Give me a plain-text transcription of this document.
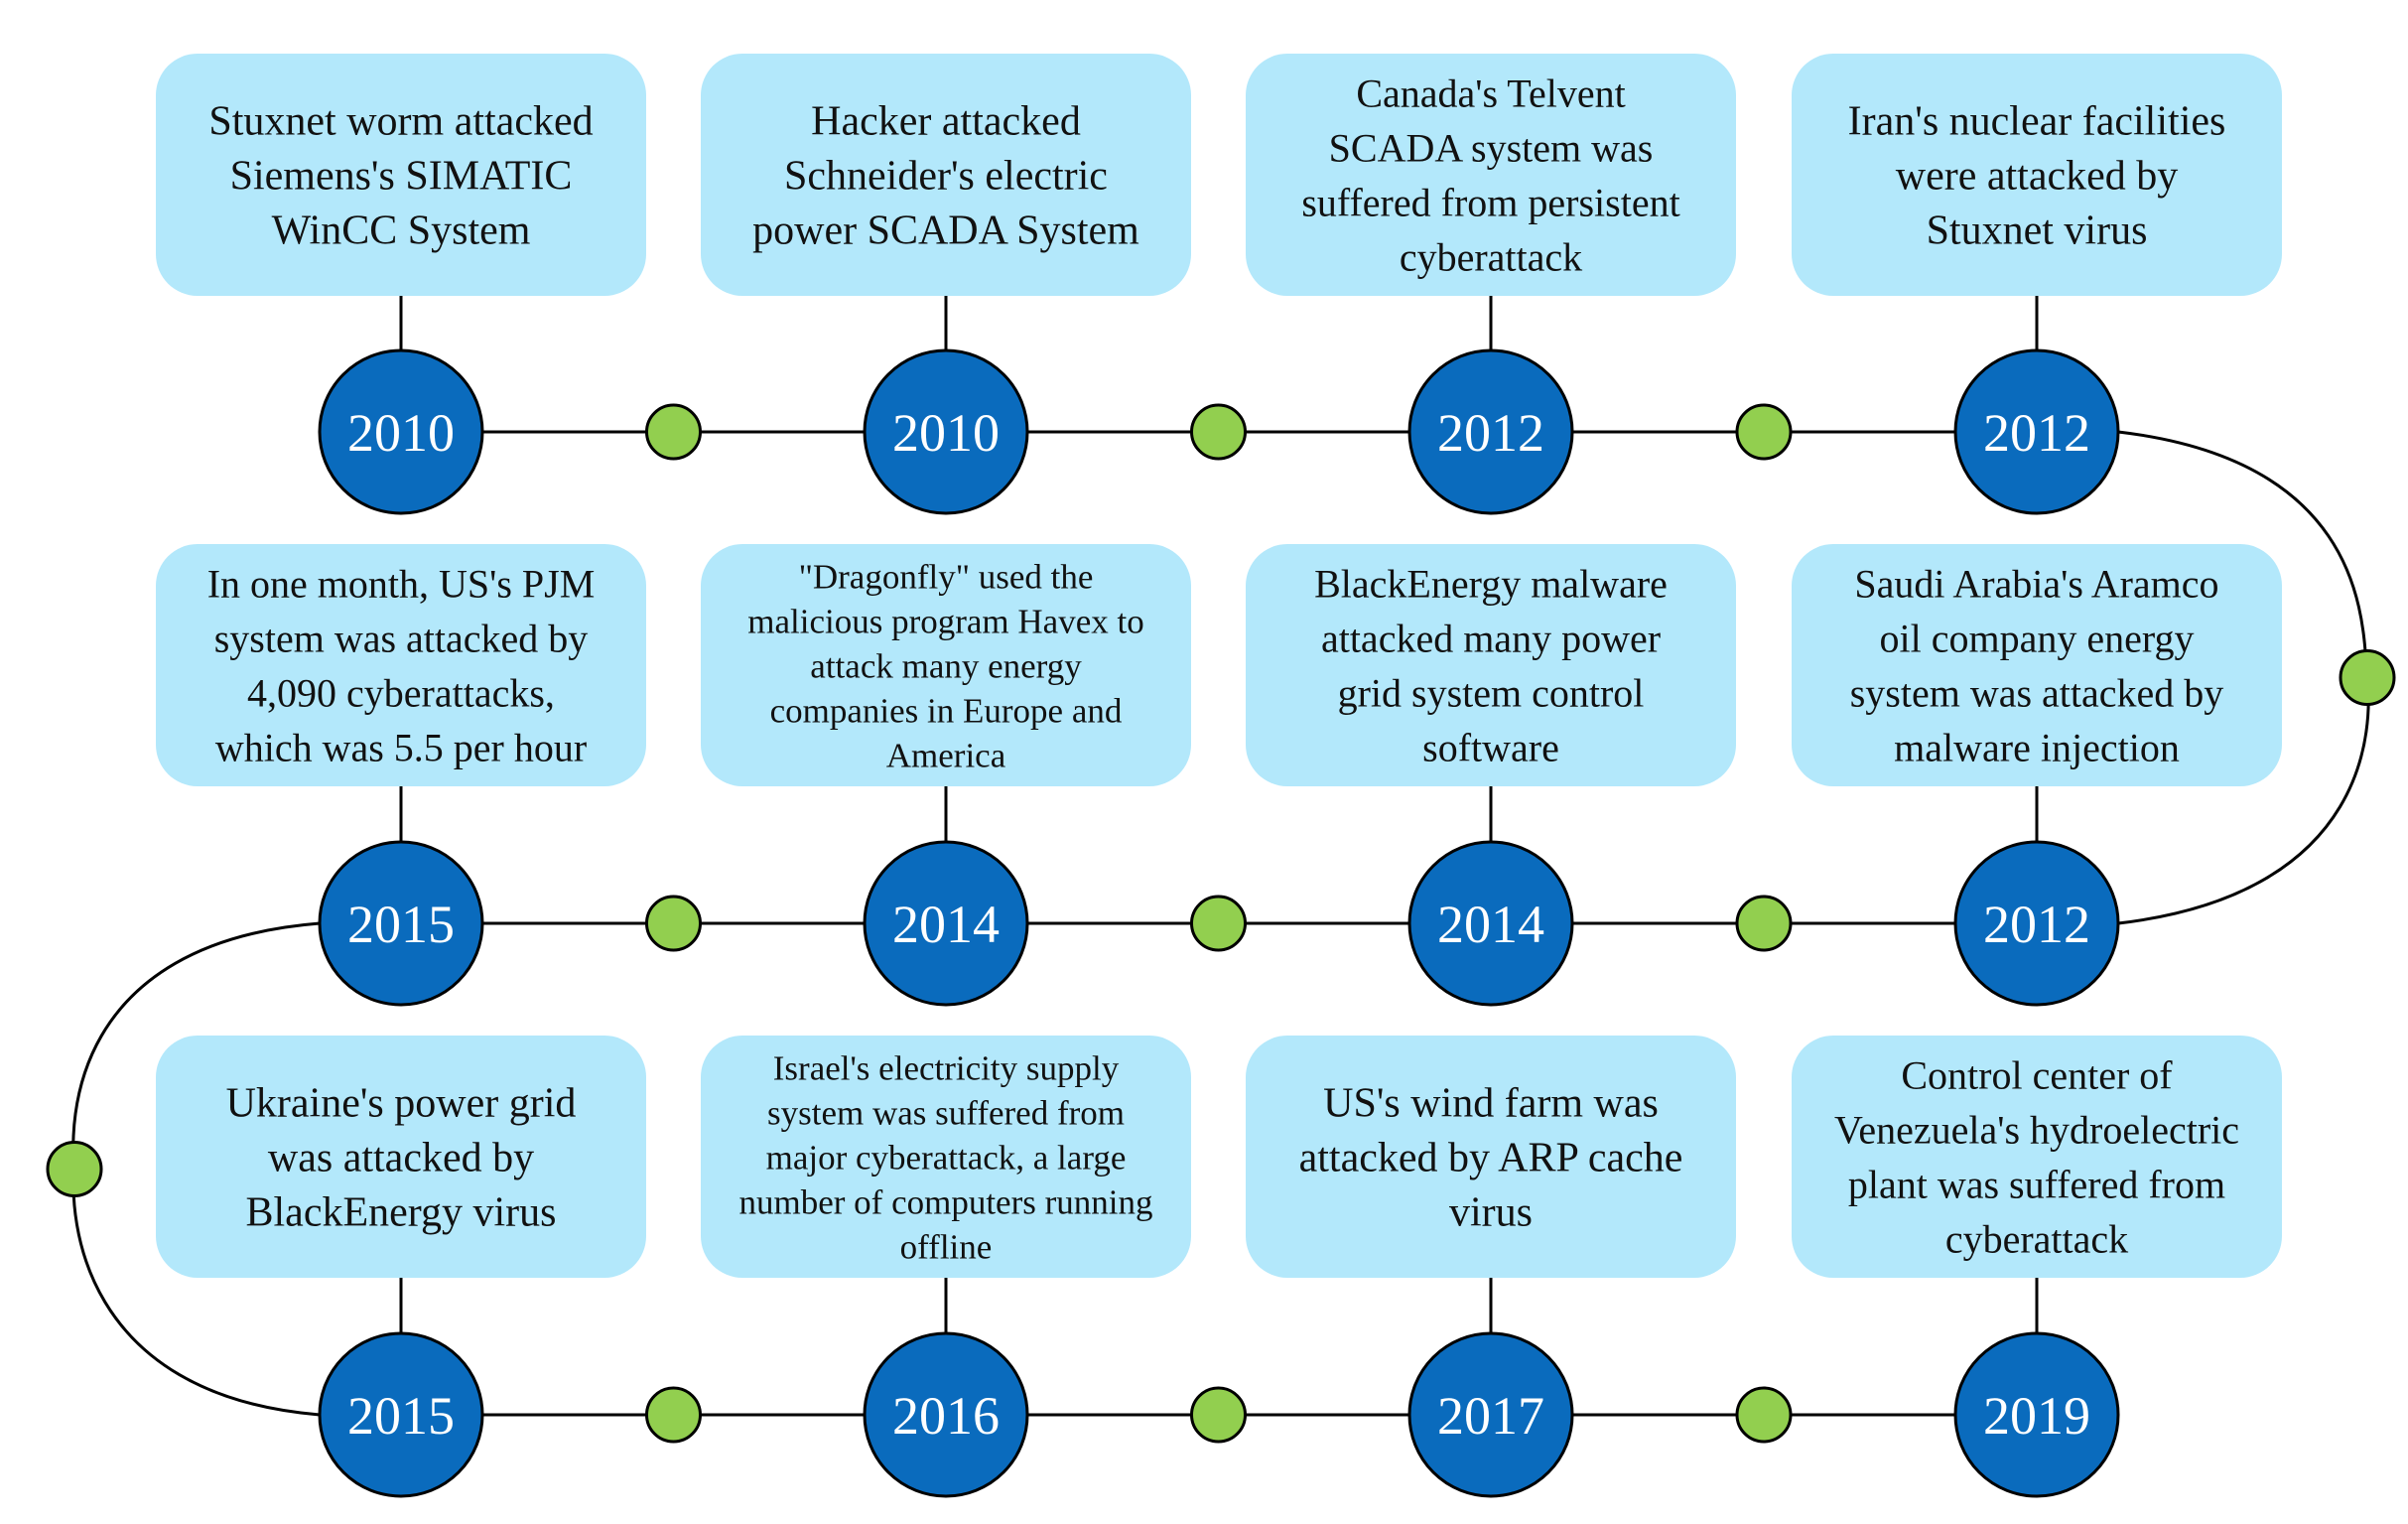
Stuxnet worm attacked
Siemens's SIMATIC
WinCC System
Hacker attacked
Schneider's electric
power SCADA System
Canada's Telvent
SCADA system was
suffered from persistent
cyberattack
Iran's nuclear facilities
were attacked by
Stuxnet virus
Saudi Arabia's Aramco
oil company energy
system was attacked by
malware injection
BlackEnergy malware
attacked many power
grid system control
software
"Dragonfly" used the
malicious program Havex to
attack many energy
companies in Europe and
America
In one month, US's PJM
system was attacked by
4,090 cyberattacks,
which was 5.5 per hour
Ukraine's power grid
was attacked by
BlackEnergy virus
Israel's electricity supply
system was suffered from
major cyberattack, a large
number of computers running
offline
US's wind farm was
attacked by ARP cache
virus
Control center of
Venezuela's hydroelectric
plant was suffered from
cyberattack
2010	2010	2012	2012
2012
2014
2014
2015
2015	2016	2017	2019
